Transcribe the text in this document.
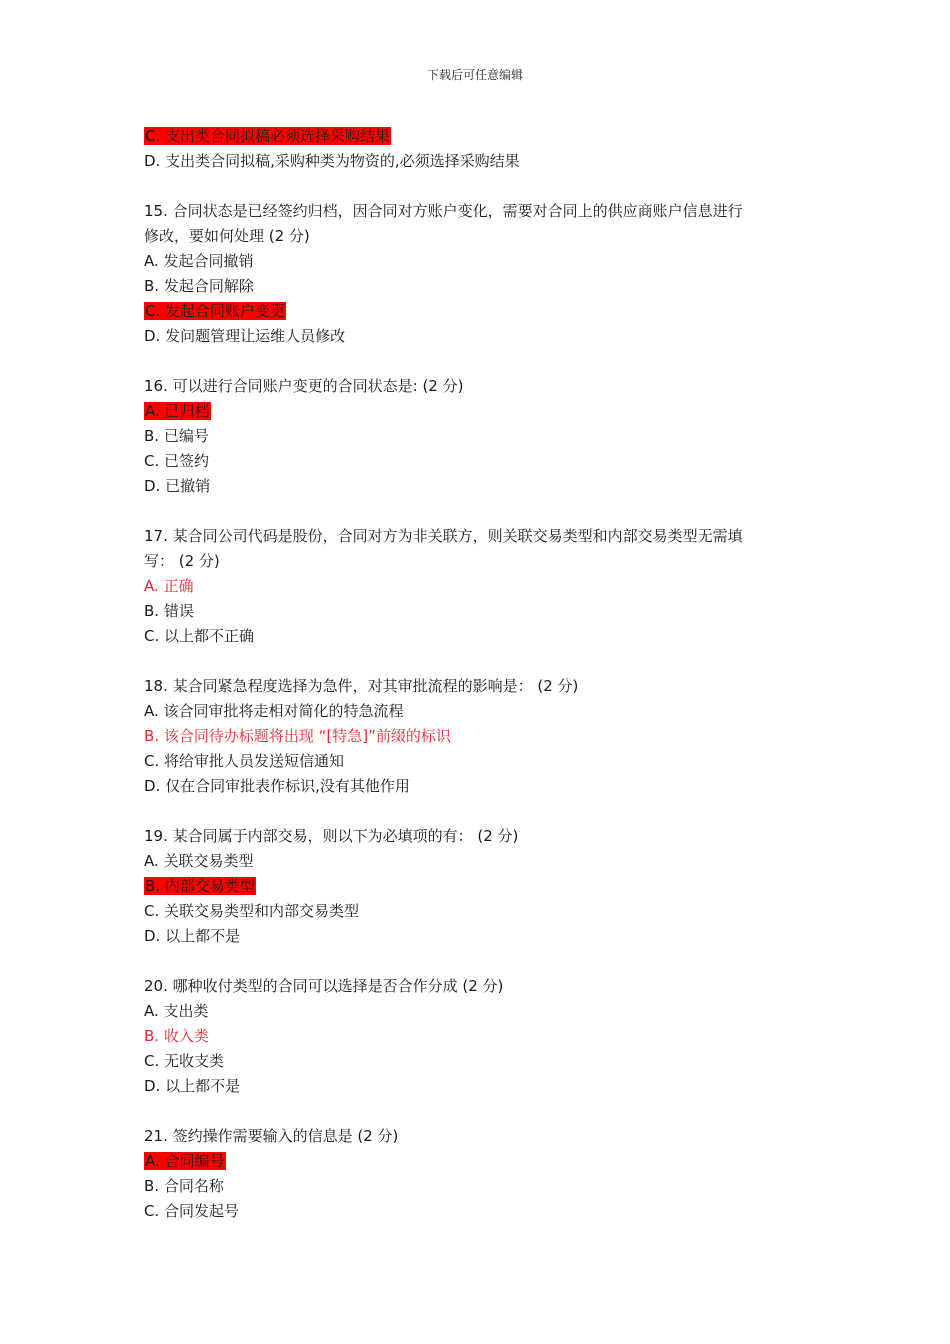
下载后可任意编辑
C. 支出类合同拟稿必须选择采购结果
D. 支出类合同拟稿,采购种类为物资的,必须选择采购结果
15. 合同状态是已经签约归档，因合同对方账户变化，需要对合同上的供应商账户信息进行
修改，要如何处理 (2 分)
A. 发起合同撤销
B. 发起合同解除
C. 发起合同账户变更
D. 发问题管理让运维人员修改
16. 可以进行合同账户变更的合同状态是: (2 分)
A. 已归档
B. 已编号
C. 已签约
D. 已撤销
17. 某合同公司代码是股份，合同对方为非关联方，则关联交易类型和内部交易类型无需填
写： (2 分)
A. 正确
B. 错误
C. 以上都不正确
18. 某合同紧急程度选择为急件，对其审批流程的影响是： (2 分)
A. 该合同审批将走相对简化的特急流程
B. 该合同待办标题将出现 “[特急]”前缀的标识
C. 将给审批人员发送短信通知
D. 仅在合同审批表作标识,没有其他作用
19. 某合同属于内部交易，则以下为必填项的有： (2 分)
A. 关联交易类型
B. 内部交易类型
C. 关联交易类型和内部交易类型
D. 以上都不是
20. 哪种收付类型的合同可以选择是否合作分成 (2 分)
A. 支出类
B. 收入类
C. 无收支类
D. 以上都不是
21. 签约操作需要输入的信息是 (2 分)
A. 合同编号
B. 合同名称
C. 合同发起号
